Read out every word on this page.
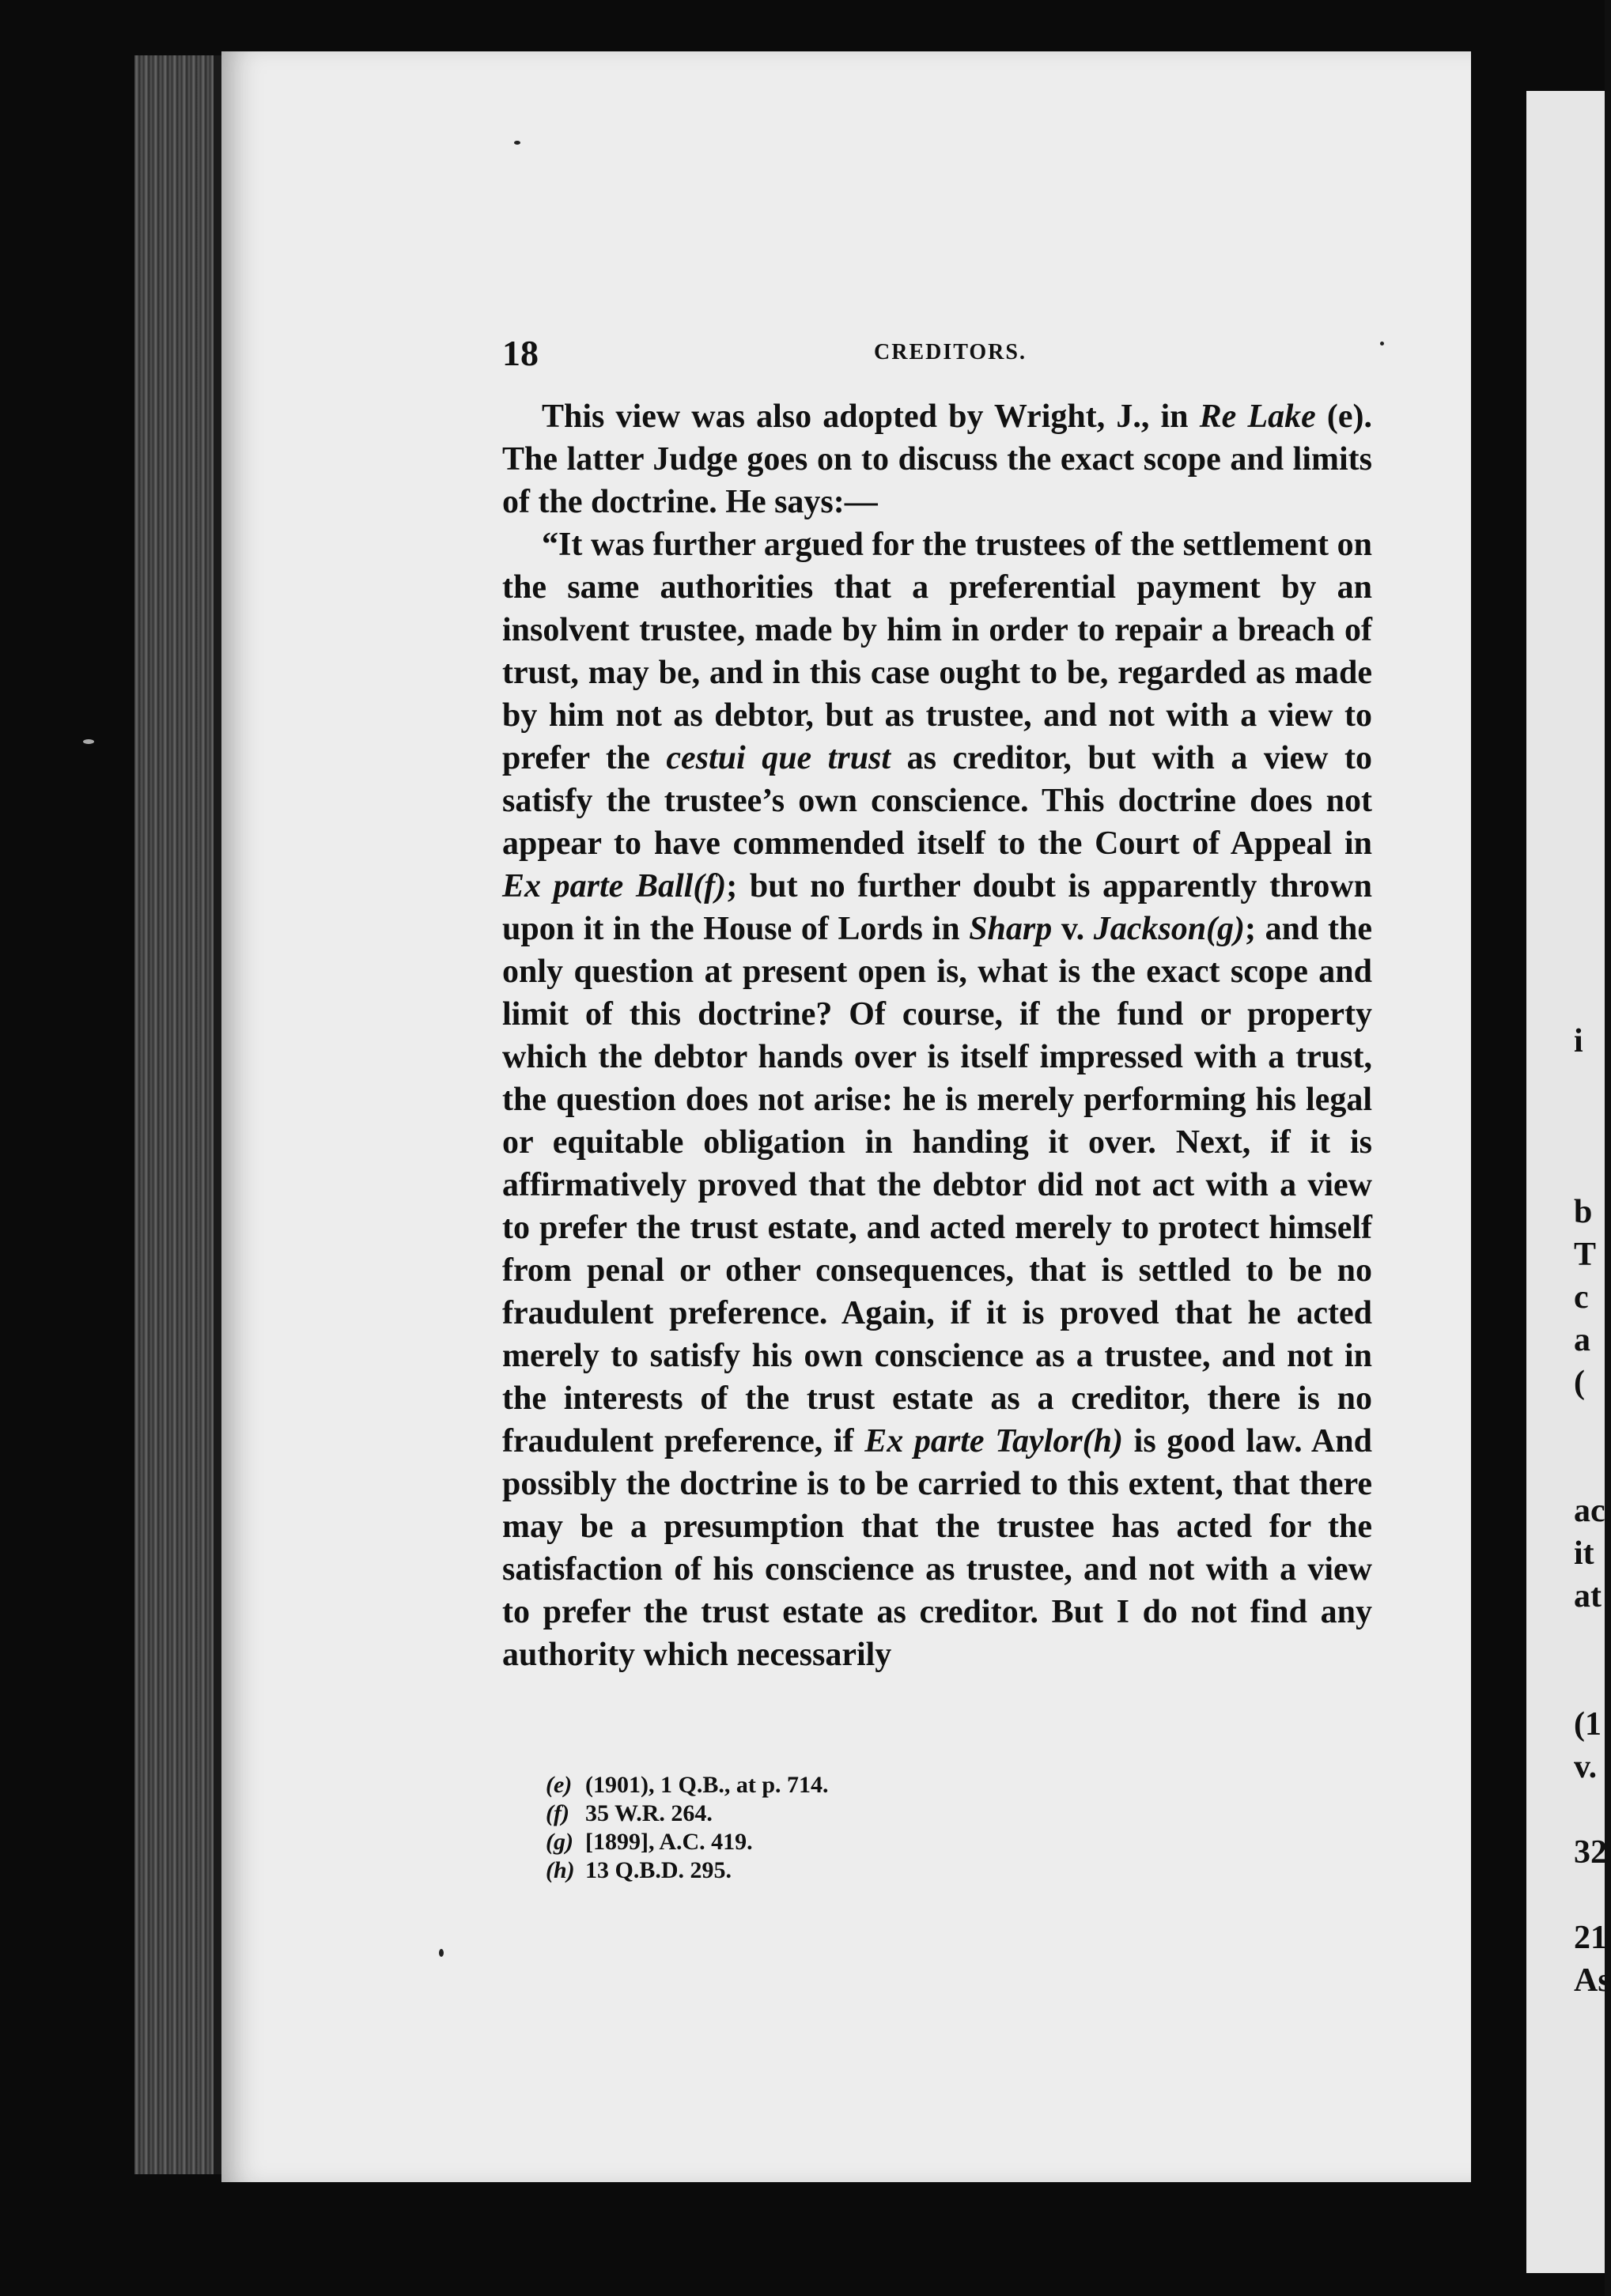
i

b
T
c
a
(

ac
it
at

(1
v.

32

21
As
18	CREDITORS.

This view was also adopted by Wright, J., in Re Lake (e). The latter Judge goes on to discuss the exact scope and limits of the doctrine. He says:—

“It was further argued for the trustees of the settlement on the same authorities that a preferential payment by an insolvent trustee, made by him in order to repair a breach of trust, may be, and in this case ought to be, regarded as made by him not as debtor, but as trustee, and not with a view to prefer the cestui que trust as creditor, but with a view to satisfy the trustee’s own conscience. This doctrine does not appear to have commended itself to the Court of Appeal in Ex parte Ball(f); but no further doubt is apparently thrown upon it in the House of Lords in Sharp v. Jackson(g); and the only question at present open is, what is the exact scope and limit of this doctrine? Of course, if the fund or property which the debtor hands over is itself impressed with a trust, the question does not arise: he is merely performing his legal or equitable obligation in handing it over. Next, if it is affirmatively proved that the debtor did not act with a view to prefer the trust estate, and acted merely to protect himself from penal or other consequences, that is settled to be no fraudulent preference. Again, if it is proved that he acted merely to satisfy his own conscience as a trustee, and not in the interests of the trust estate as a creditor, there is no fraudulent preference, if Ex parte Taylor(h) is good law. And possibly the doctrine is to be carried to this extent, that there may be a presumption that the trustee has acted for the satisfaction of his conscience as trustee, and not with a view to prefer the trust estate as creditor. But I do not find any authority which necessarily

(e) (1901), 1 Q.B., at p. 714.
(f) 35 W.R. 264.
(g) [1899], A.C. 419.
(h) 13 Q.B.D. 295.
